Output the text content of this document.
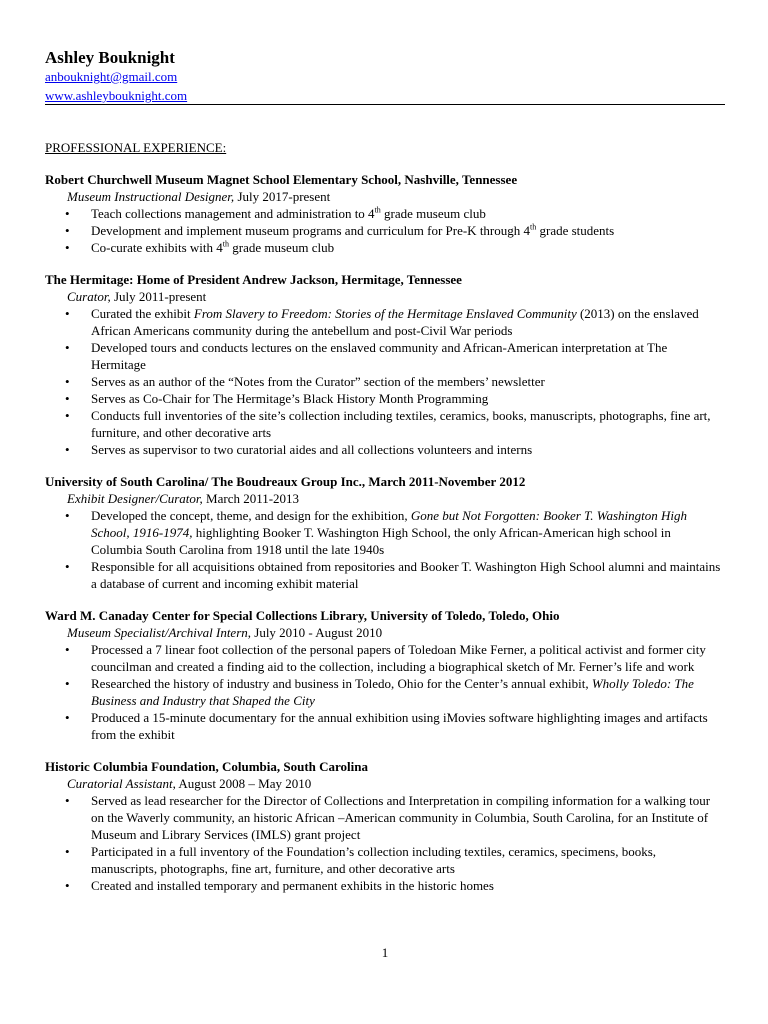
Ashley Bouknight
anbouknight@gmail.com
www.ashleybouknight.com
PROFESSIONAL EXPERIENCE:
Robert Churchwell Museum Magnet School Elementary School, Nashville, Tennessee
Museum Instructional Designer, July 2017-present
• Teach collections management and administration to 4th grade museum club
• Development and implement museum programs and curriculum for Pre-K through 4th grade students
• Co-curate exhibits with 4th grade museum club
The Hermitage: Home of President Andrew Jackson, Hermitage, Tennessee
Curator, July 2011-present
• Curated the exhibit From Slavery to Freedom: Stories of the Hermitage Enslaved Community (2013) on the enslaved African Americans community during the antebellum and post-Civil War periods
• Developed tours and conducts lectures on the enslaved community and African-American interpretation at The Hermitage
• Serves as an author of the “Notes from the Curator” section of the members’ newsletter
• Serves as Co-Chair for The Hermitage’s Black History Month Programming
• Conducts full inventories of the site’s collection including textiles, ceramics, books, manuscripts, photographs, fine art, furniture, and other decorative arts
• Serves as supervisor to two curatorial aides and all collections volunteers and interns
University of South Carolina/ The Boudreaux Group Inc., March 2011-November 2012
Exhibit Designer/Curator, March 2011-2013
• Developed the concept, theme, and design for the exhibition, Gone but Not Forgotten: Booker T. Washington High School, 1916-1974, highlighting Booker T. Washington High School, the only African-American high school in Columbia South Carolina from 1918 until the late 1940s
• Responsible for all acquisitions obtained from repositories and Booker T. Washington High School alumni and maintains a database of current and incoming exhibit material
Ward M. Canaday Center for Special Collections Library, University of Toledo, Toledo, Ohio
Museum Specialist/Archival Intern, July 2010 - August 2010
• Processed a 7 linear foot collection of the personal papers of Toledoan Mike Ferner, a political activist and former city councilman and created a finding aid to the collection, including a biographical sketch of Mr. Ferner’s life and work
• Researched the history of industry and business in Toledo, Ohio for the Center’s annual exhibit, Wholly Toledo: The Business and Industry that Shaped the City
• Produced a 15-minute documentary for the annual exhibition using iMovies software highlighting images and artifacts from the exhibit
Historic Columbia Foundation, Columbia, South Carolina
Curatorial Assistant, August 2008 – May 2010
• Served as lead researcher for the Director of Collections and Interpretation in compiling information for a walking tour on the Waverly community, an historic African –American community in Columbia, South Carolina, for an Institute of Museum and Library Services (IMLS) grant project
• Participated in a full inventory of the Foundation’s collection including textiles, ceramics, specimens, books, manuscripts, photographs, fine art, furniture, and other decorative arts
• Created and installed temporary and permanent exhibits in the historic homes
1
